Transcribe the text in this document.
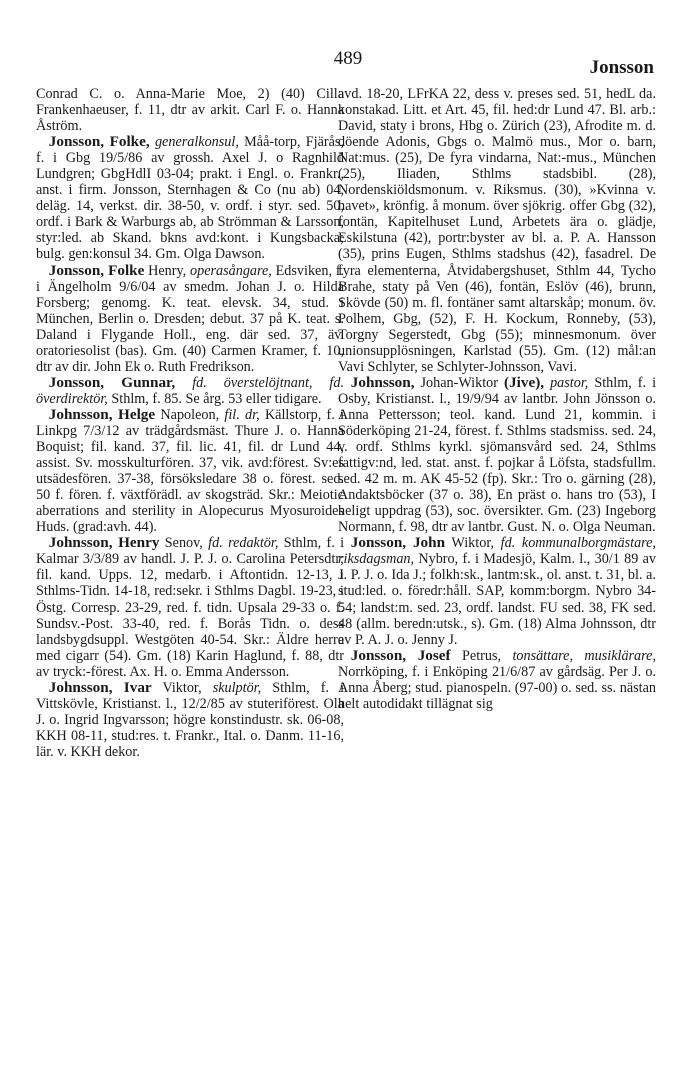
489	Jonsson

Conrad C. o. Anna-Marie Moe, 2) (40) Cilla Frankenhaeuser, f. 11, dtr av arkit. Carl F. o. Hanna Åström.

Jonsson, Folke, generalkonsul, Måå-torp, Fjärås, f. i Gbg 19/5/86 av grossh. Axel J. o Ragnhild Lundgren; GbgHdlI 03-04; prakt. i Engl. o. Frankr., anst. i firm. Jonsson, Sternhagen & Co (nu ab) 04, deläg. 14, verkst. dir. 38-50, v. ordf. i styr. sed. 50, ordf. i Bark & Warburgs ab, ab Strömman & Larsson, styr:led. ab Skand. bkns avd:kont. i Kungsbacka; bulg. gen:konsul 34. Gm. Olga Dawson.

Jonsson, Folke Henry, operasångare, Edsviken, f. i Ängelholm 9/6/04 av smedm. Johan J. o. Hilda Forsberg; genomg. K. teat. elevsk. 34, stud. i München, Berlin o. Dresden; debut. 37 på K. teat. s. Daland i Flygande Holl., eng. där sed. 37, äv. oratoriesolist (bas). Gm. (40) Carmen Kramer, f. 10, dtr av dir. John Ek o. Ruth Fredrikson.

Jonsson, Gunnar, fd. överstelöjtnant, fd. överdirektör, Sthlm, f. 85. Se årg. 53 eller tidigare.

Johnsson, Helge Napoleon, fil. dr, Källstorp, f. i Linkpg 7/3/12 av trädgårdsmäst. Thure J. o. Hanna Boquist; fil. kand. 37, fil. lic. 41, fil. dr Lund 44, assist. Sv. mosskulturfören. 37, vik. avd:förest. Sv:es utsädesfören. 37-38, försöksledare 38 o. förest. sed. 50 f. fören. f. växtförädl. av skogsträd. Skr.: Meiotic aberrations and sterility in Alopecurus Myosuroides Huds. (grad:avh. 44).

Johnsson, Henry Senov, fd. redaktör, Sthlm, f. i Kalmar 3/3/89 av handl. J. P. J. o. Carolina Petersdtr; fil. kand. Upps. 12, medarb. i Aftontidn. 12-13, i Sthlms-Tidn. 14-18, red:sekr. i Sthlms Dagbl. 19-23, i Östg. Corresp. 23-29, red. f. tidn. Upsala 29-33 o. f. Sundsv.-Post. 33-40, red. f. Borås Tidn. o. dess landsbygdsuppl. Westgöten 40-54. Skr.: Äldre herre med cigarr (54). Gm. (18) Karin Haglund, f. 88, dtr av tryck:-förest. Ax. H. o. Emma Andersson.

Johnsson, Ivar Viktor, skulptör, Sthlm, f. i Vittskövle, Kristianst. l., 12/2/85 av stuteriförest. Ola J. o. Ingrid Ingvarsson; högre konstindustr. sk. 06-08, KKH 08-11, stud:res. t. Frankr., Ital. o. Danm. 11-16, lär. v. KKH dekor.

avd. 18-20, LFrKA 22, dess v. preses sed. 51, hedL da. konstakad. Litt. et Art. 45, fil. hed:dr Lund 47. Bl. arb.: David, staty i brons, Hbg o. Zürich (23), Afrodite m. d. döende Adonis, Gbgs o. Malmö mus., Mor o. barn, Nat:mus. (25), De fyra vindarna, Nat:-mus., München (25), Iliaden, Sthlms stadsbibl. (28), Nordenskiöldsmonum. v. Riksmus. (30), »Kvinna v. havet», krönfig. å monum. över sjökrig. offer Gbg (32), fontän, Kapitelhuset Lund, Arbetets ära o. glädje, Eskilstuna (42), portr:byster av bl. a. P. A. Hansson (35), prins Eugen, Sthlms stadshus (42), fasadrel. De fyra elementerna, Åtvidabergshuset, Sthlm 44, Tycho Brahe, staty på Ven (46), fontän, Eslöv (46), brunn, Skövde (50) m. fl. fontäner samt altarskåp; monum. öv. Polhem, Gbg, (52), F. H. Kockum, Ronneby, (53), Torgny Segerstedt, Gbg (55); minnesmonum. över unionsupplösningen, Karlstad (55). Gm. (12) mål:an Vavi Schlyter, se Schlyter-Johnsson, Vavi.

Johnsson, Johan-Wiktor (Jive), pastor, Sthlm, f. i Osby, Kristianst. l., 19/9/94 av lantbr. John Jönsson o. Anna Pettersson; teol. kand. Lund 21, kommin. i Söderköping 21-24, förest. f. Sthlms stadsmiss. sed. 24, v. ordf. Sthlms kyrkl. sjömansvård sed. 24, Sthlms fattigv:nd, led. stat. anst. f. pojkar å Löfsta, stadsfullm. sed. 42 m. m. AK 45-52 (fp). Skr.: Tro o. gärning (28), Andaktsböcker (37 o. 38), En präst o. hans tro (53), I heligt uppdrag (53), soc. översikter. Gm. (23) Ingeborg Normann, f. 98, dtr av lantbr. Gust. N. o. Olga Neuman.

Jonsson, John Wiktor, fd. kommunalborgmästare, riksdagsman, Nybro, f. i Madesjö, Kalm. l., 30/1 89 av J. P. J. o. Ida J.; folkh:sk., lantm:sk., ol. anst. t. 31, bl. a. stud:led. o. föredr:håll. SAP, komm:borgm. Nybro 34-54; landst:m. sed. 23, ordf. landst. FU sed. 38, FK sed. 48 (allm. beredn:utsk., s). Gm. (18) Alma Johnsson, dtr av P. A. J. o. Jenny J.

Jonsson, Josef Petrus, tonsättare, musiklärare, Norrköping, f. i Enköping 21/6/87 av gårdsäg. Per J. o. Anna Åberg; stud. pianospeln. (97-00) o. sed. ss. nästan helt autodidakt tillägnat sig
